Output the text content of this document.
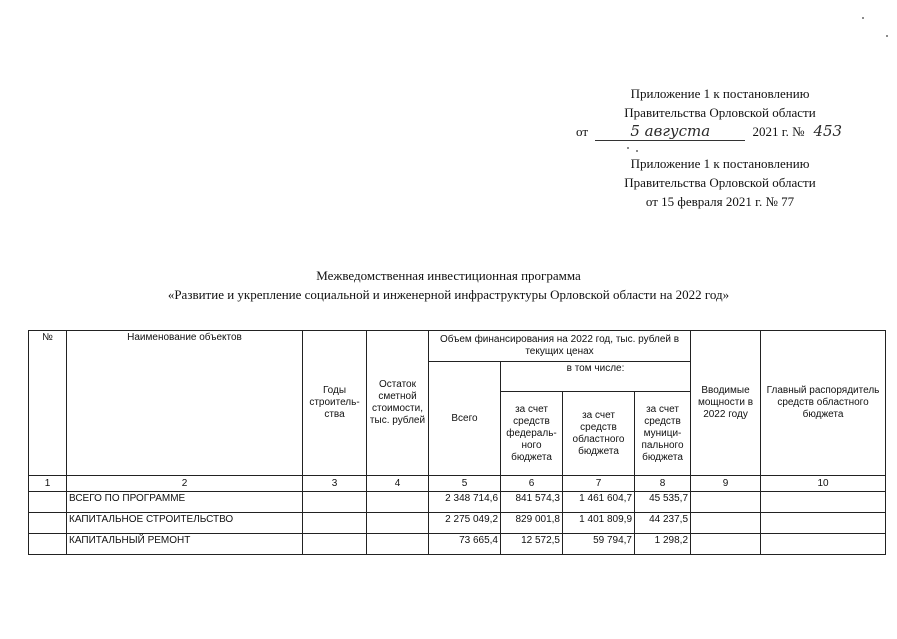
Приложение 1 к постановлению
Правительства Орловской области
от	5 августа	2021 г. № 453
Приложение 1 к постановлению
Правительства Орловской области
от 15 февраля 2021 г. № 77
Межведомственная инвестиционная программа
«Развитие и укрепление социальной и инженерной инфраструктуры Орловской области на 2022 год»
№	Наименование объектов	Годы строитель-ства	Остаток сметной стоимости, тыс. рублей	Объем финансирования на 2022 год, тыс. рублей в текущих ценах				Вводимые мощности в 2022 году	Главный распорядитель средств областного бюджета
				Всего	в том числе:				
					за счет средств федераль-ного бюджета	за счет средств областного бюджета	за счет средств муници-пального бюджета		
1	2	3	4	5	6	7	8	9	10
	ВСЕГО ПО ПРОГРАММЕ			2 348 714,6	841 574,3	1 461 604,7	45 535,7		
	КАПИТАЛЬНОЕ СТРОИТЕЛЬСТВО			2 275 049,2	829 001,8	1 401 809,9	44 237,5		
	КАПИТАЛЬНЫЙ РЕМОНТ			73 665,4	12 572,5	59 794,7	1 298,2		
